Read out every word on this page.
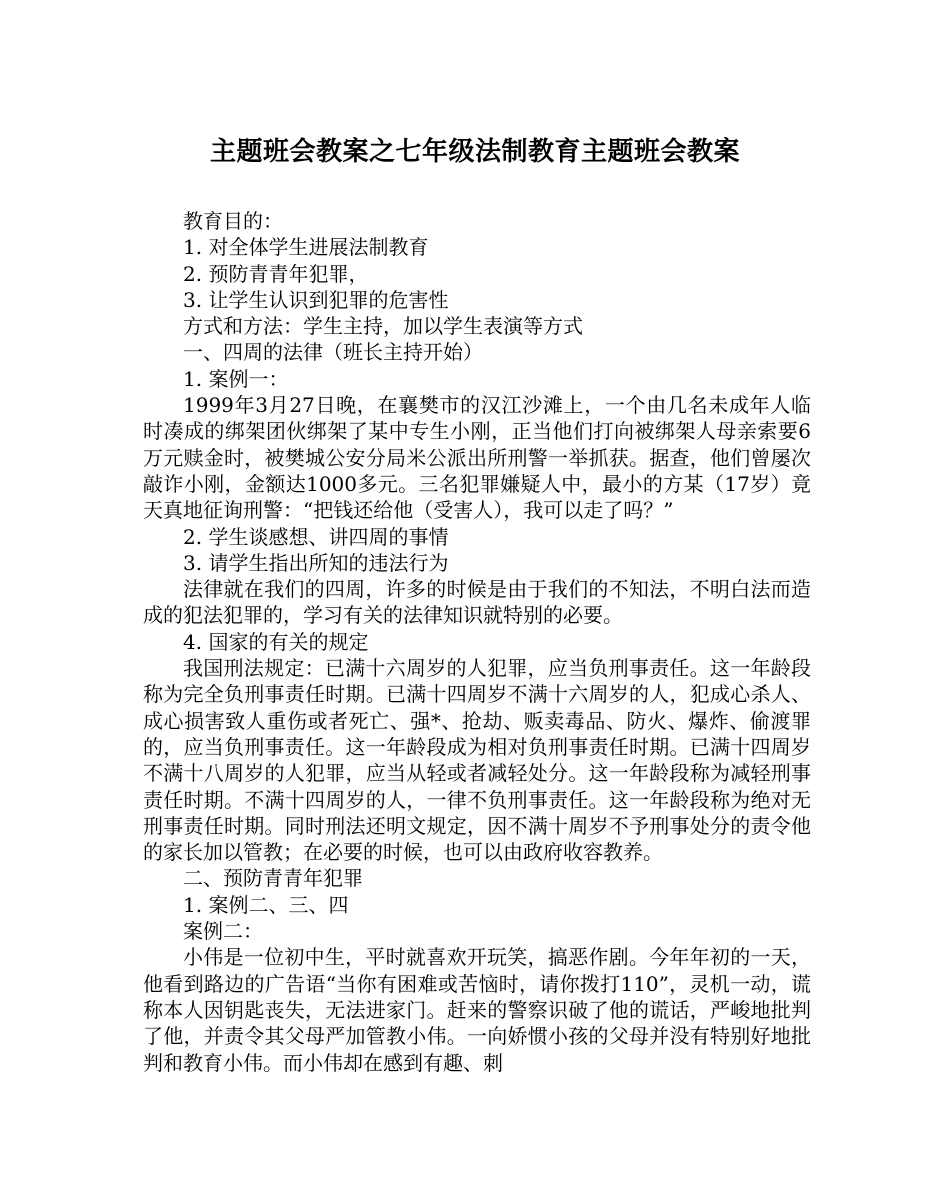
主题班会教案之七年级法制教育主题班会教案

教育目的：

1. 对全体学生进展法制教育

2. 预防青青年犯罪，

3. 让学生认识到犯罪的危害性

方式和方法：学生主持，加以学生表演等方式

一、四周的法律（班长主持开始）

1. 案例一：

1999年3月27日晚，在襄樊市的汉江沙滩上，一个由几名未成年人临时凑成的绑架团伙绑架了某中专生小刚，正当他们打向被绑架人母亲索要6万元赎金时，被樊城公安分局米公派出所刑警一举抓获。据查，他们曾屡次敲诈小刚，金额达1000多元。三名犯罪嫌疑人中，最小的方某（17岁）竟天真地征询刑警：“把钱还给他（受害人），我可以走了吗？”

2. 学生谈感想、讲四周的事情

3. 请学生指出所知的违法行为

法律就在我们的四周，许多的时候是由于我们的不知法，不明白法而造成的犯法犯罪的，学习有关的法律知识就特别的必要。

4. 国家的有关的规定

我国刑法规定：已满十六周岁的人犯罪，应当负刑事责任。这一年龄段称为完全负刑事责任时期。已满十四周岁不满十六周岁的人，犯成心杀人、成心损害致人重伤或者死亡、强*、抢劫、贩卖毒品、防火、爆炸、偷渡罪的，应当负刑事责任。这一年龄段成为相对负刑事责任时期。已满十四周岁不满十八周岁的人犯罪，应当从轻或者减轻处分。这一年龄段称为减轻刑事责任时期。不满十四周岁的人，一律不负刑事责任。这一年龄段称为绝对无刑事责任时期。同时刑法还明文规定，因不满十周岁不予刑事处分的责令他的家长加以管教；在必要的时候，也可以由政府收容教养。

二、预防青青年犯罪

1. 案例二、三、四

案例二：

小伟是一位初中生，平时就喜欢开玩笑，搞恶作剧。今年年初的一天，他看到路边的广告语“当你有困难或苦恼时，请你拨打110”，灵机一动，谎称本人因钥匙丧失，无法进家门。赶来的警察识破了他的谎话，严峻地批判了他，并责令其父母严加管教小伟。一向娇惯小孩的父母并没有特别好地批判和教育小伟。而小伟却在感到有趣、刺
